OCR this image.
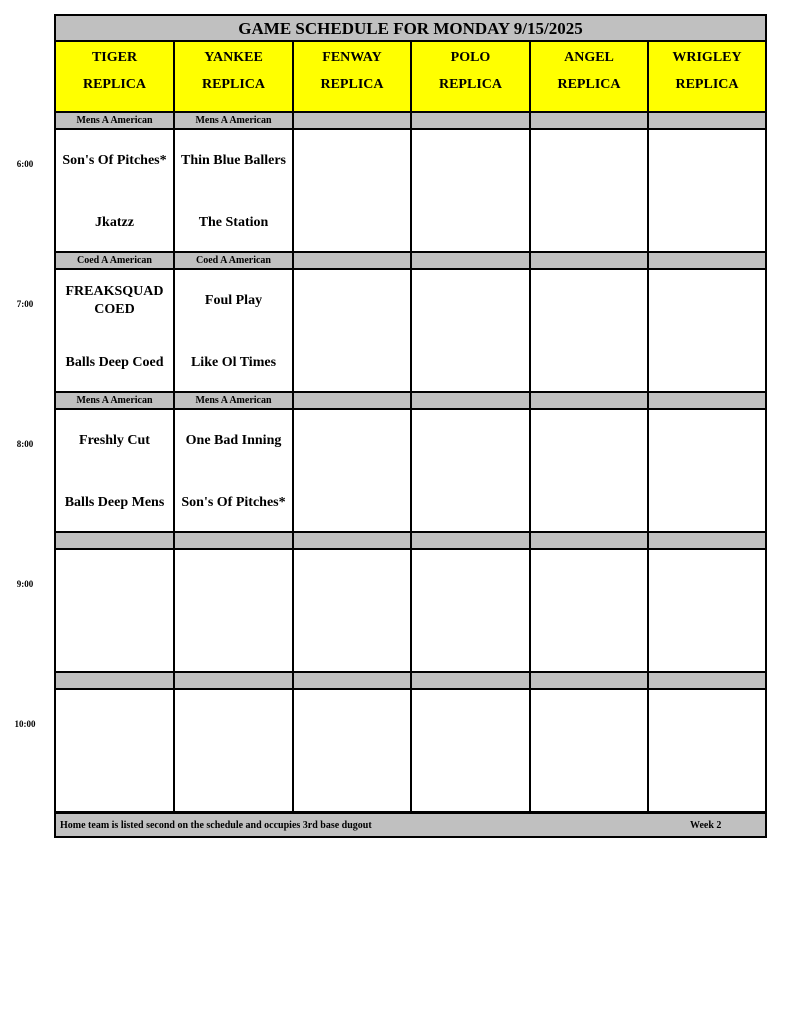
GAME SCHEDULE FOR MONDAY 9/15/2025
TIGER
REPLICA
YANKEE
REPLICA
FENWAY
REPLICA
POLO
REPLICA
ANGEL
REPLICA
WRIGLEY
REPLICA
Mens A American
Son's Of Pitches*
Jkatzz
Mens A American
Thin Blue Ballers
The Station
Coed A American
FREAKSQUAD COED
Balls Deep Coed
Coed A American
Foul Play
Like Ol Times
Mens A American
Freshly Cut
Balls Deep Mens
Mens A American
One Bad Inning
Son's Of Pitches*
Home team is listed second on the schedule and occupies 3rd base dugout	Week 2
6:00
7:00
8:00
9:00
10:00
